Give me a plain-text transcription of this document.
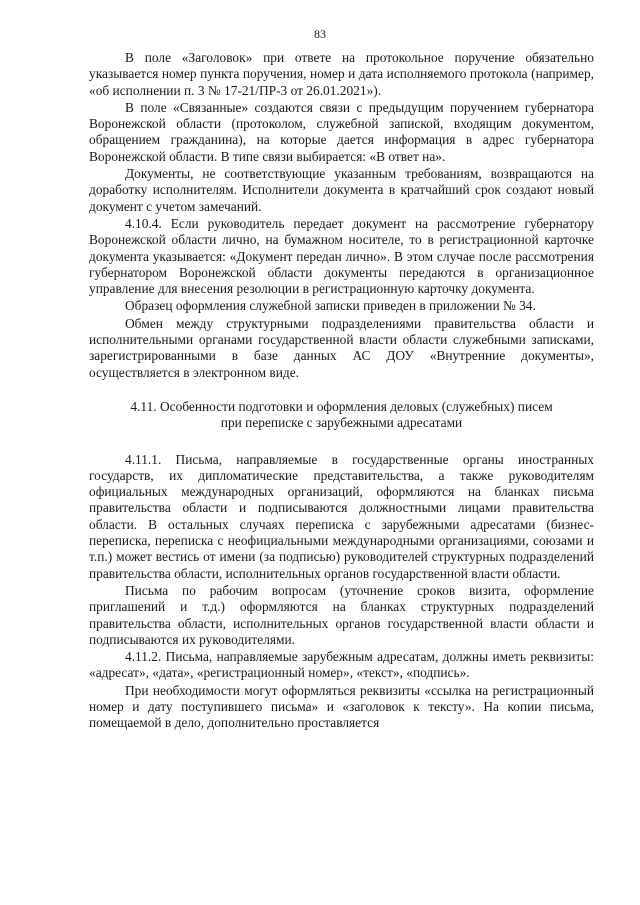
83

В поле «Заголовок» при ответе на протокольное поручение обязательно указывается номер пункта поручения, номер и дата исполняемого протокола (например, «об исполнении п. 3 № 17-21/ПР-3 от 26.01.2021»).

В поле «Связанные» создаются связи с предыдущим поручением губернатора Воронежской области (протоколом, служебной запиской, входящим документом, обращением гражданина), на которые дается информация в адрес губернатора Воронежской области. В типе связи выбирается: «В ответ на».

Документы, не соответствующие указанным требованиям, возвращаются на доработку исполнителям. Исполнители документа в кратчайший срок создают новый документ с учетом замечаний.

4.10.4. Если руководитель передает документ на рассмотрение губернатору Воронежской области лично, на бумажном носителе, то в регистрационной карточке документа указывается: «Документ передан лично». В этом случае после рассмотрения губернатором Воронежской области документы передаются в организационное управление для внесения резолюции в регистрационную карточку документа.

Образец оформления служебной записки приведен в приложении № 34.

Обмен между структурными подразделениями правительства области и исполнительными органами государственной власти области служебными записками, зарегистрированными в базе данных АС ДОУ «Внутренние документы», осуществляется в электронном виде.

4.11. Особенности подготовки и оформления деловых (служебных) писем
при переписке с зарубежными адресатами

4.11.1. Письма, направляемые в государственные органы иностранных государств, их дипломатические представительства, а также руководителям официальных международных организаций, оформляются на бланках письма правительства области и подписываются должностными лицами правительства области. В остальных случаях переписка с зарубежными адресатами (бизнес-переписка, переписка с неофициальными международными организациями, союзами и т.п.) может вестись от имени (за подписью) руководителей структурных подразделений правительства области, исполнительных органов государственной власти области.

Письма по рабочим вопросам (уточнение сроков визита, оформление приглашений и т.д.) оформляются на бланках структурных подразделений правительства области, исполнительных органов государственной власти области и подписываются их руководителями.

4.11.2. Письма, направляемые зарубежным адресатам, должны иметь реквизиты: «адресат», «дата», «регистрационный номер», «текст», «подпись».

При необходимости могут оформляться реквизиты «ссылка на регистрационный номер и дату поступившего письма» и «заголовок к тексту». На копии письма, помещаемой в дело, дополнительно проставляется
